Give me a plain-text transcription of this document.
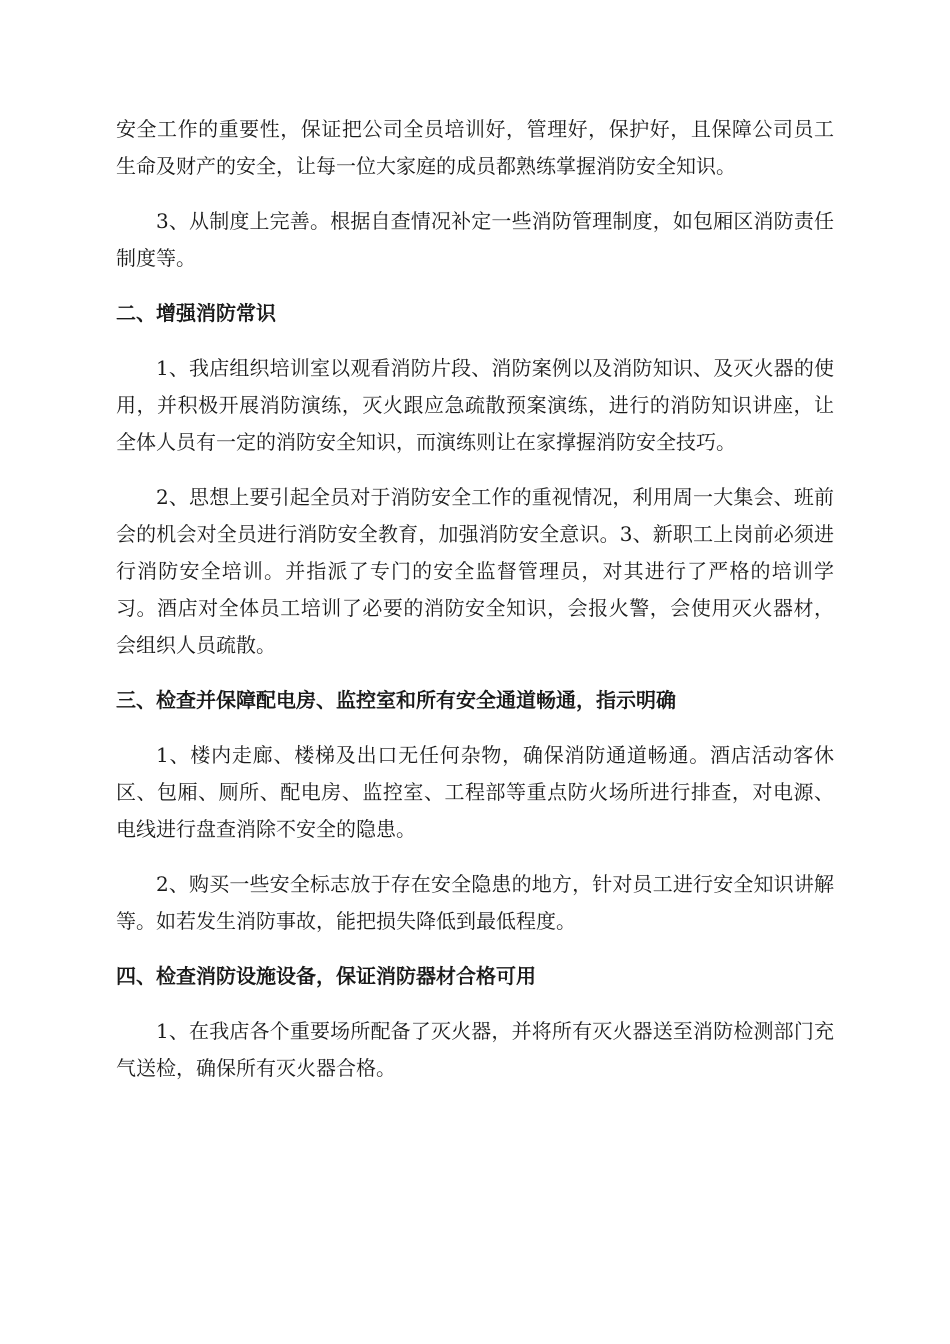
安全工作的重要性，保证把公司全员培训好，管理好，保护好，且保障公司员工生命及财产的安全，让每一位大家庭的成员都熟练掌握消防安全知识。

3、从制度上完善。根据自查情况补定一些消防管理制度，如包厢区消防责任制度等。

二、增强消防常识

1、我店组织培训室以观看消防片段、消防案例以及消防知识、及灭火器的使用，并积极开展消防演练，灭火跟应急疏散预案演练，进行的消防知识讲座，让全体人员有一定的消防安全知识，而演练则让在家撑握消防安全技巧。

2、思想上要引起全员对于消防安全工作的重视情况，利用周一大集会、班前会的机会对全员进行消防安全教育，加强消防安全意识。3、新职工上岗前必须进行消防安全培训。并指派了专门的安全监督管理员，对其进行了严格的培训学习。酒店对全体员工培训了必要的消防安全知识，会报火警，会使用灭火器材，会组织人员疏散。

三、检查并保障配电房、监控室和所有安全通道畅通，指示明确

1、楼内走廊、楼梯及出口无任何杂物，确保消防通道畅通。酒店活动客休区、包厢、厕所、配电房、监控室、工程部等重点防火场所进行排查，对电源、电线进行盘查消除不安全的隐患。

2、购买一些安全标志放于存在安全隐患的地方，针对员工进行安全知识讲解等。如若发生消防事故，能把损失降低到最低程度。

四、检查消防设施设备，保证消防器材合格可用

1、在我店各个重要场所配备了灭火器，并将所有灭火器送至消防检测部门充气送检，确保所有灭火器合格。
